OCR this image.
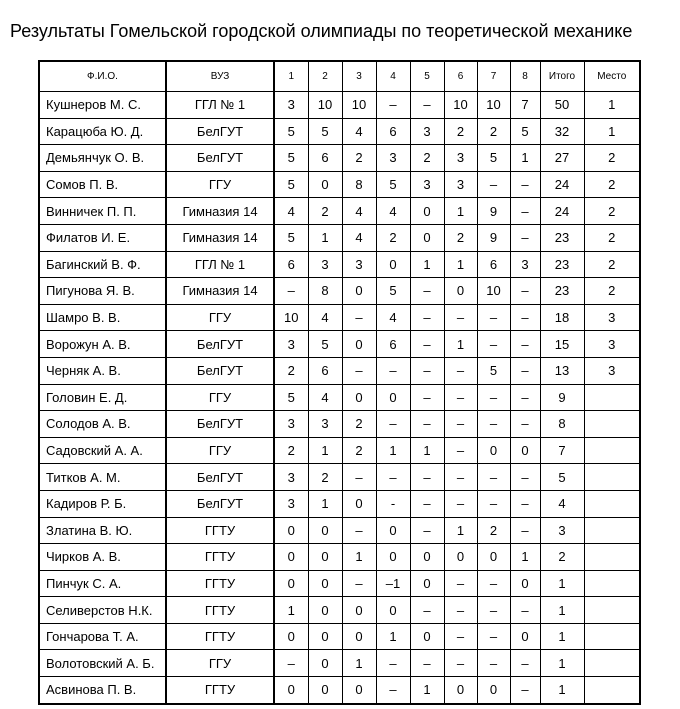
Результаты Гомельской городской олимпиады по теоретической механике
Ф.И.О.	ВУЗ	1	2	3	4	5	6	7	8	Итого	Место
Кушнеров М. С.	ГГЛ № 1	3	10	10	–	–	10	10	7	50	1
Карацюба Ю. Д.	БелГУТ	5	5	4	6	3	2	2	5	32	1
Демьянчук О. В.	БелГУТ	5	6	2	3	2	3	5	1	27	2
Сомов П. В.	ГГУ	5	0	8	5	3	3	–	–	24	2
Винничек П. П.	Гимназия 14	4	2	4	4	0	1	9	–	24	2
Филатов И. Е.	Гимназия 14	5	1	4	2	0	2	9	–	23	2
Багинский В. Ф.	ГГЛ № 1	6	3	3	0	1	1	6	3	23	2
Пигунова Я. В.	Гимназия 14	–	8	0	5	–	0	10	–	23	2
Шамро В. В.	ГГУ	10	4	–	4	–	–	–	–	18	3
Ворожун А. В.	БелГУТ	3	5	0	6	–	1	–	–	15	3
Черняк А. В.	БелГУТ	2	6	–	–	–	–	5	–	13	3
Головин Е. Д.	ГГУ	5	4	0	0	–	–	–	–	9	
Солодов А. В.	БелГУТ	3	3	2	–	–	–	–	–	8	
Садовский А. А.	ГГУ	2	1	2	1	1	–	0	0	7	
Титков А. М.	БелГУТ	3	2	–	–	–	–	–	–	5	
Кадиров Р. Б.	БелГУТ	3	1	0	-	–	–	–	–	4	
Златина В. Ю.	ГГТУ	0	0	–	0	–	1	2	–	3	
Чирков А. В.	ГГТУ	0	0	1	0	0	0	0	1	2	
Пинчук С. А.	ГГТУ	0	0	–	–1	0	–	–	0	1	
Селиверстов Н.К.	ГГТУ	1	0	0	0	–	–	–	–	1	
Гончарова Т. А.	ГГТУ	0	0	0	1	0	–	–	0	1	
Волотовский А. Б.	ГГУ	–	0	1	–	–	–	–	–	1	
Асвинова П. В.	ГГТУ	0	0	0	–	1	0	0	–	1	
